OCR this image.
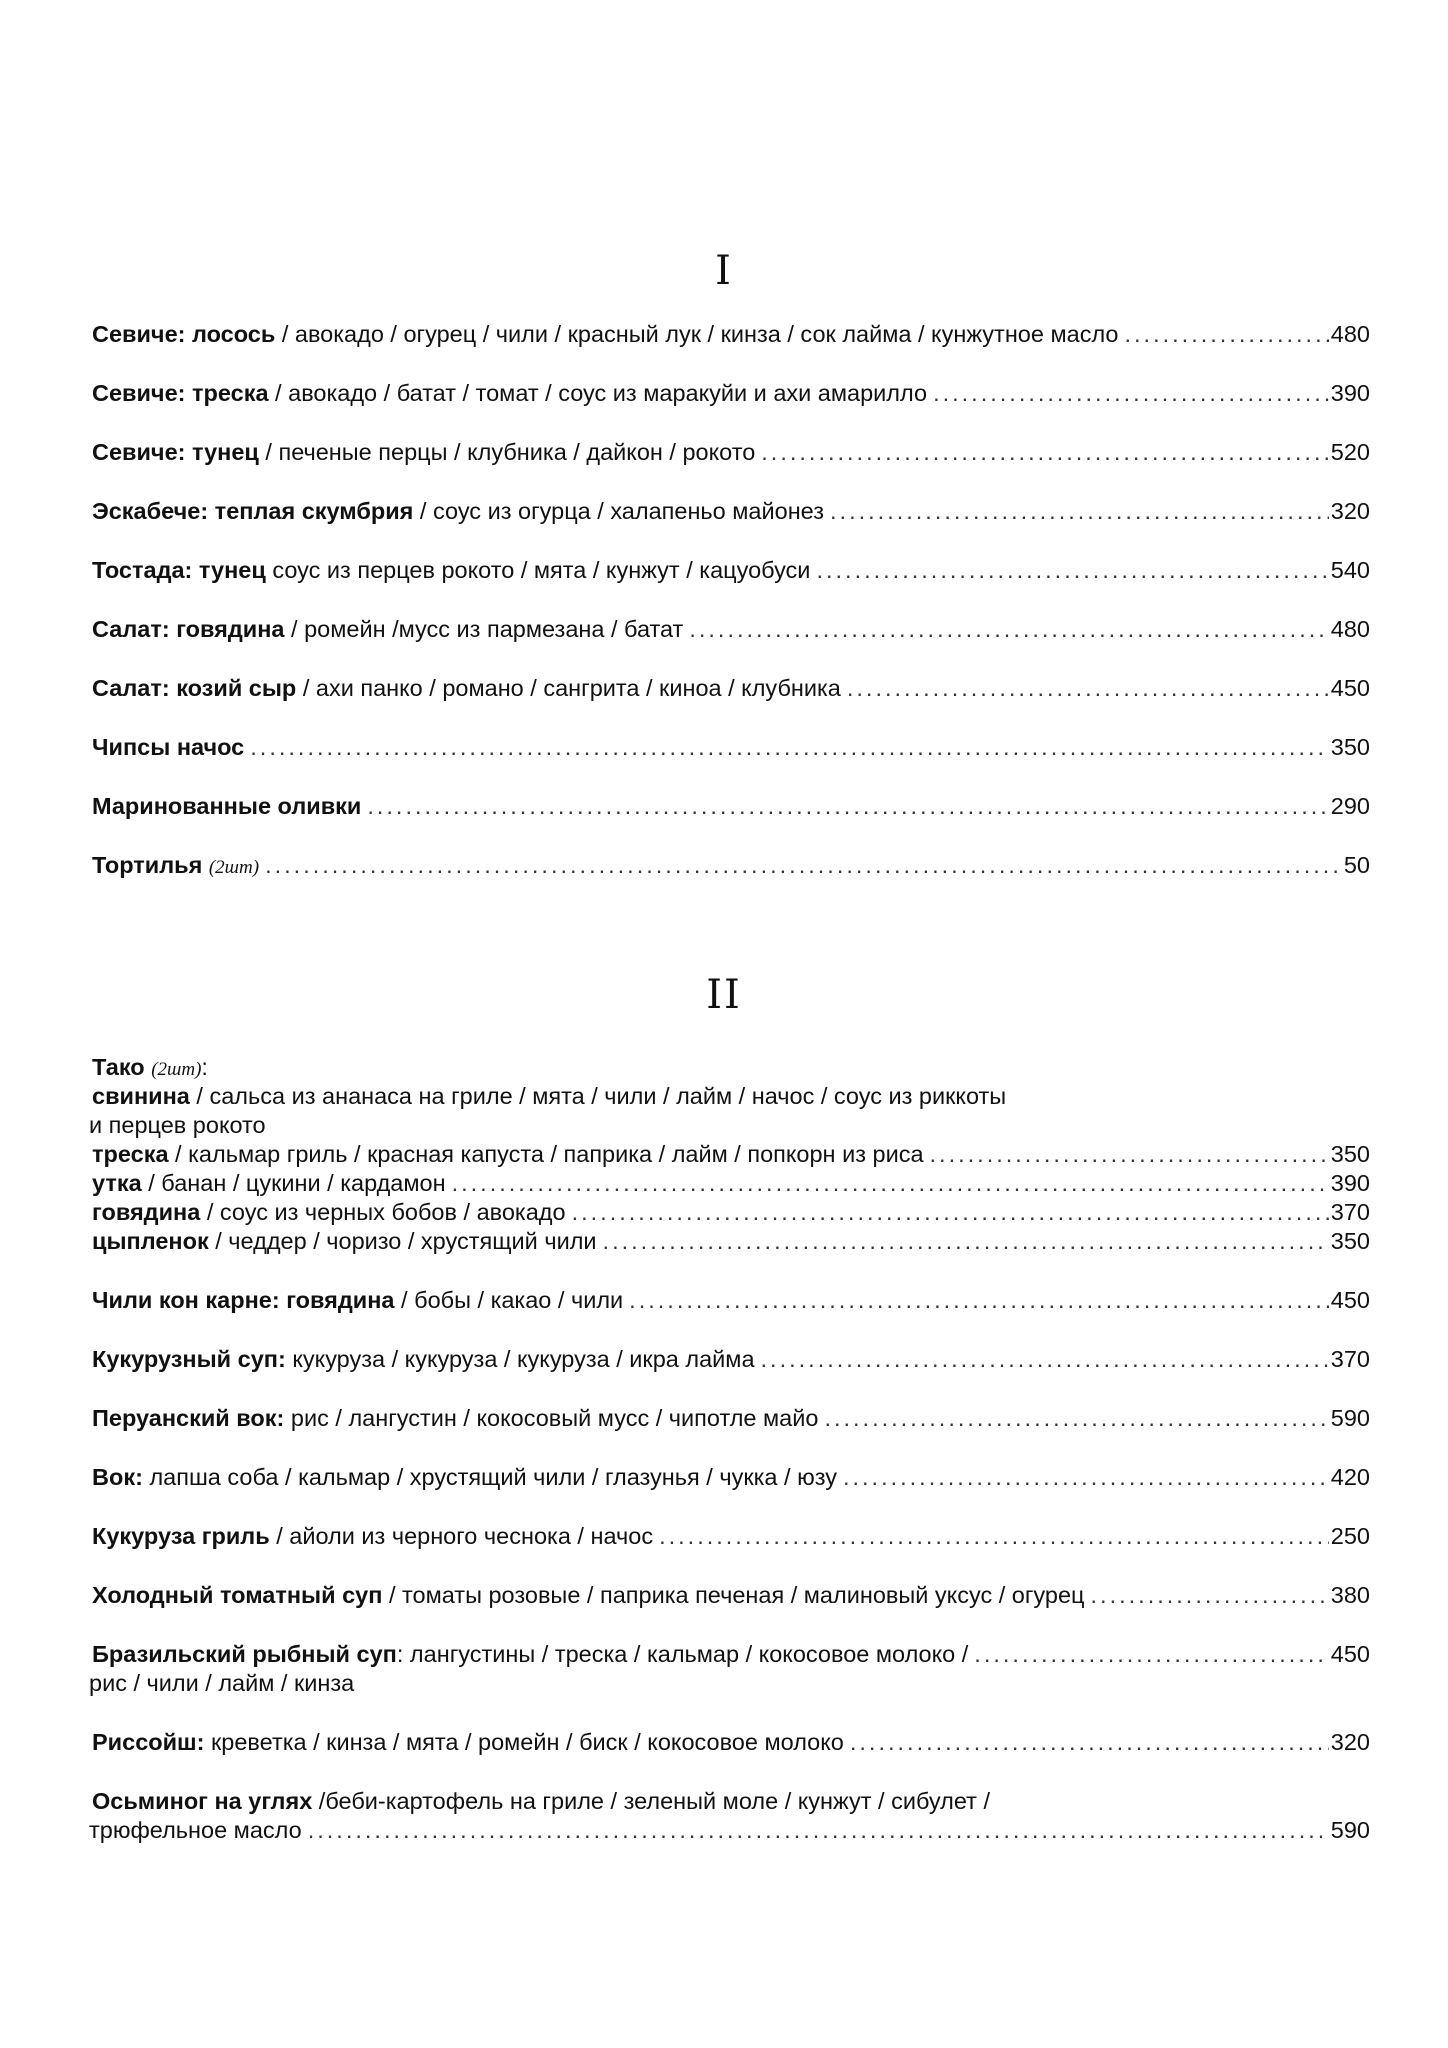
I
Севиче: лосось / авокадо / огурец / чили / красный лук / кинза / сок лайма / кунжутное масло .....	480
Севиче: треска / авокадо / батат / томат / соус из маракуйи и ахи амарилло .....	390
Севиче: тунец / печеные перцы / клубника / дайкон / рокото .....	520
Эскабече: теплая скумбрия / соус из огурца / халапеньо майонез .....	320
Тостада: тунец соус из перцев рокото / мята / кунжут / кацуобуси .....	540
Салат: говядина / ромейн /мусс из пармезана / батат .....	480
Салат: козий сыр / ахи панко / романо / сангрита / киноа / клубника .....	450
Чипсы начос .....	350
Маринованные оливки .....	290
Тортилья (2шт) .....	50
II
Тако (2шт):
свинина / сальса из ананаса на гриле / мята / чили / лайм / начос / соус из риккоты
и перцев рокото
треска / кальмар гриль / красная капуста / паприка / лайм / попкорн из риса .....	350
утка / банан / цукини / кардамон .....	390
говядина / соус из черных бобов / авокадо .....	370
цыпленок / чеддер / чоризо / хрустящий чили .....	350
Чили кон карне: говядина / бобы / какао / чили .....	450
Кукурузный суп: кукуруза / кукуруза / кукуруза / икра лайма .....	370
Перуанский вок: рис / лангустин / кокосовый мусс / чипотле майо .....	590
Вок: лапша соба / кальмар / хрустящий чили / глазунья / чукка / юзу .....	420
Кукуруза гриль / айоли из черного чеснока / начос .....	250
Холодный томатный суп / томаты розовые / паприка печеная / малиновый уксус / огурец .....	380
Бразильский рыбный суп: лангустины / треска / кальмар / кокосовое молоко / .....	450
рис / чили / лайм / кинза
Риссойш: креветка / кинза / мята / ромейн / биск / кокосовое молоко .....	320
Осьминог на углях /беби-картофель на гриле / зеленый моле / кунжут / сибулет /
трюфельное масло .....	590
